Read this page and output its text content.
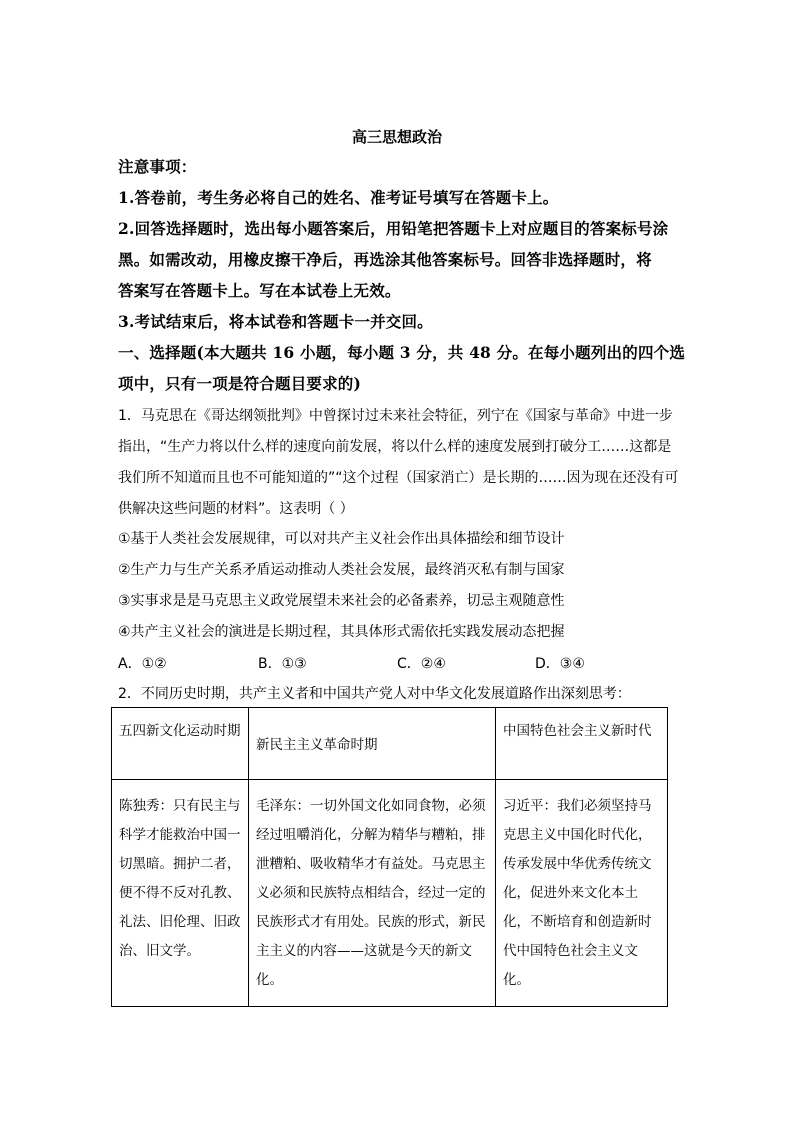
高三思想政治
注意事项：
1.答卷前，考生务必将自己的姓名、准考证号填写在答题卡上。
2.回答选择题时，选出每小题答案后，用铅笔把答题卡上对应题目的答案标号涂
黑。如需改动，用橡皮擦干净后，再选涂其他答案标号。回答非选择题时，将
答案写在答题卡上。写在本试卷上无效。
3.考试结束后，将本试卷和答题卡一并交回。
一、选择题(本大题共 16 小题，每小题 3 分，共 48 分。在每小题列出的四个选
项中，只有一项是符合题目要求的)
1．马克思在《哥达纲领批判》中曾探讨过未来社会特征，列宁在《国家与革命》中进一步
指出，“生产力将以什么样的速度向前发展，将以什么样的速度发展到打破分工……这都是
我们所不知道而且也不可能知道的”“这个过程（国家消亡）是长期的……因为现在还没有可
供解决这些问题的材料”。这表明（ ）
①基于人类社会发展规律，可以对共产主义社会作出具体描绘和细节设计
②生产力与生产关系矛盾运动推动人类社会发展，最终消灭私有制与国家
③实事求是是马克思主义政党展望未来社会的必备素养，切忌主观随意性
④共产主义社会的演进是长期过程，其具体形式需依托实践发展动态把握
A．①②	B．①③	C．②④	D．③④
2．不同历史时期，共产主义者和中国共产党人对中华文化发展道路作出深刻思考：
五四新文化运动时期	新民主主义革命时期	中国特色社会主义新时代
陈独秀：只有民主与科学才能救治中国一切黑暗。拥护二者，便不得不反对孔教、礼法、旧伦理、旧政治、旧文学。	毛泽东：一切外国文化如同食物，必须经过咀嚼消化，分解为精华与糟粕，排泄糟粕、吸收精华才有益处。马克思主义必须和民族特点相结合，经过一定的民族形式才有用处。民族的形式，新民主主义的内容——这就是今天的新文化。	习近平：我们必须坚持马克思主义中国化时代化，传承发展中华优秀传统文化，促进外来文化本土化，不断培育和创造新时代中国特色社会主义文化。
